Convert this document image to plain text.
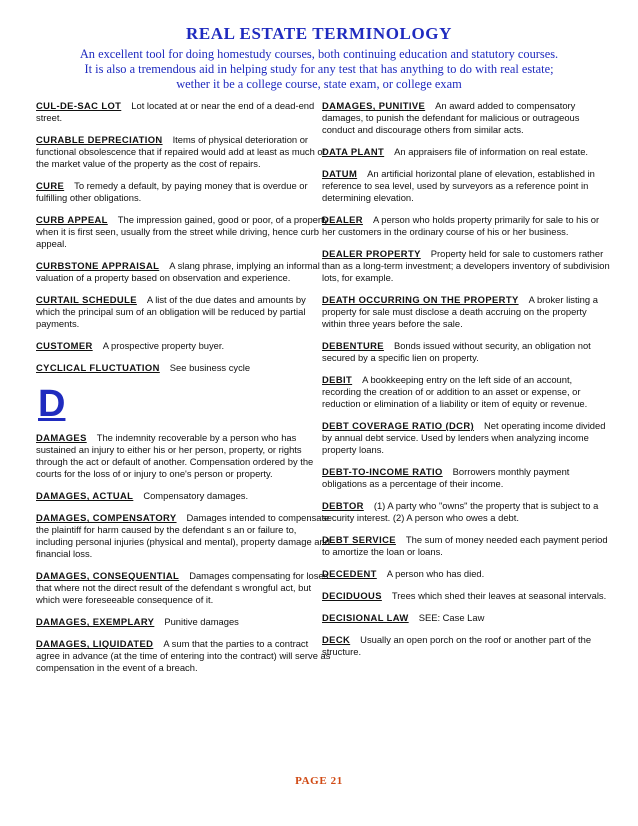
REAL ESTATE TERMINOLOGY

An excellent tool for doing homestudy courses, both continuing education and statutory courses.

It is also a tremendous aid in helping study for any test that has anything to do with real estate;

wether it be a college course, state exam, or college exam

CUL-DE-SAC LOT Lot located at or near the end of a dead-end street.
CURABLE DEPRECIATION Items of physical deterioration or functional obsolescence that if repaired would add at least as much of the market value of the property as the cost of repairs.
CURE To remedy a default, by paying money that is overdue or fulfilling other obligations.
CURB APPEAL The impression gained, good or poor, of a property when it is first seen, usually from the street while driving, hence curb appeal.
CURBSTONE APPRAISAL A slang phrase, implying an informal valuation of a property based on observation and experience.
CURTAIL SCHEDULE A list of the due dates and amounts by which the principal sum of an obligation will be reduced by partial payments.
CUSTOMER A prospective property buyer.
CYCLICAL FLUCTUATION See business cycle
D
DAMAGES The indemnity recoverable by a person who has sustained an injury to either his or her person, property, or rights through the act or default of another. Compensation ordered by the courts for the loss of or injury to one's person or property.
DAMAGES, ACTUAL Compensatory damages.
DAMAGES, COMPENSATORY Damages intended to compensate the plaintiff for harm caused by the defendant s an or failure to, including personal injuries (physical and mental), property damage and financial loss.
DAMAGES, CONSEQUENTIAL Damages compensating for loses that where not the direct result of the defendant s wrongful act, but which were foreseeable consequence of it.
DAMAGES, EXEMPLARY Punitive damages
DAMAGES, LIQUIDATED A sum that the parties to a contract agree in advance (at the time of entering into the contract) will serve as compensation in the event of a breach.
DAMAGES, PUNITIVE An award added to compensatory damages, to punish the defendant for malicious or outrageous conduct and discourage others from similar acts.
DATA PLANT An appraisers file of information on real estate.
DATUM An artificial horizontal plane of elevation, established in reference to sea level, used by surveyors as a reference point in determining elevation.
DEALER A person who holds property primarily for sale to his or her customers in the ordinary course of his or her business.
DEALER PROPERTY Property held for sale to customers rather than as a long-term investment; a developers inventory of subdivision lots, for example.
DEATH OCCURRING ON THE PROPERTY A broker listing a property for sale must disclose a death accruing on the property within three years before the sale.
DEBENTURE Bonds issued without security, an obligation not secured by a specific lien on property.
DEBIT A bookkeeping entry on the left side of an account, recording the creation of or addition to an asset or expense, or reduction or elimination of a liability or item of equity or revenue.
DEBT COVERAGE RATIO (DCR) Net operating income divided by annual debt service. Used by lenders when analyzing income property loans.
DEBT-TO-INCOME RATIO Borrowers monthly payment obligations as a percentage of their income.
DEBTOR (1) A party who "owns" the property that is subject to a security interest. (2) A person who owes a debt.
DEBT SERVICE The sum of money needed each payment period to amortize the loan or loans.
DECEDENT A person who has died.
DECIDUOUS Trees which shed their leaves at seasonal intervals.
DECISIONAL LAW SEE: Case Law
DECK Usually an open porch on the roof or another part of the structure.
PAGE 21
